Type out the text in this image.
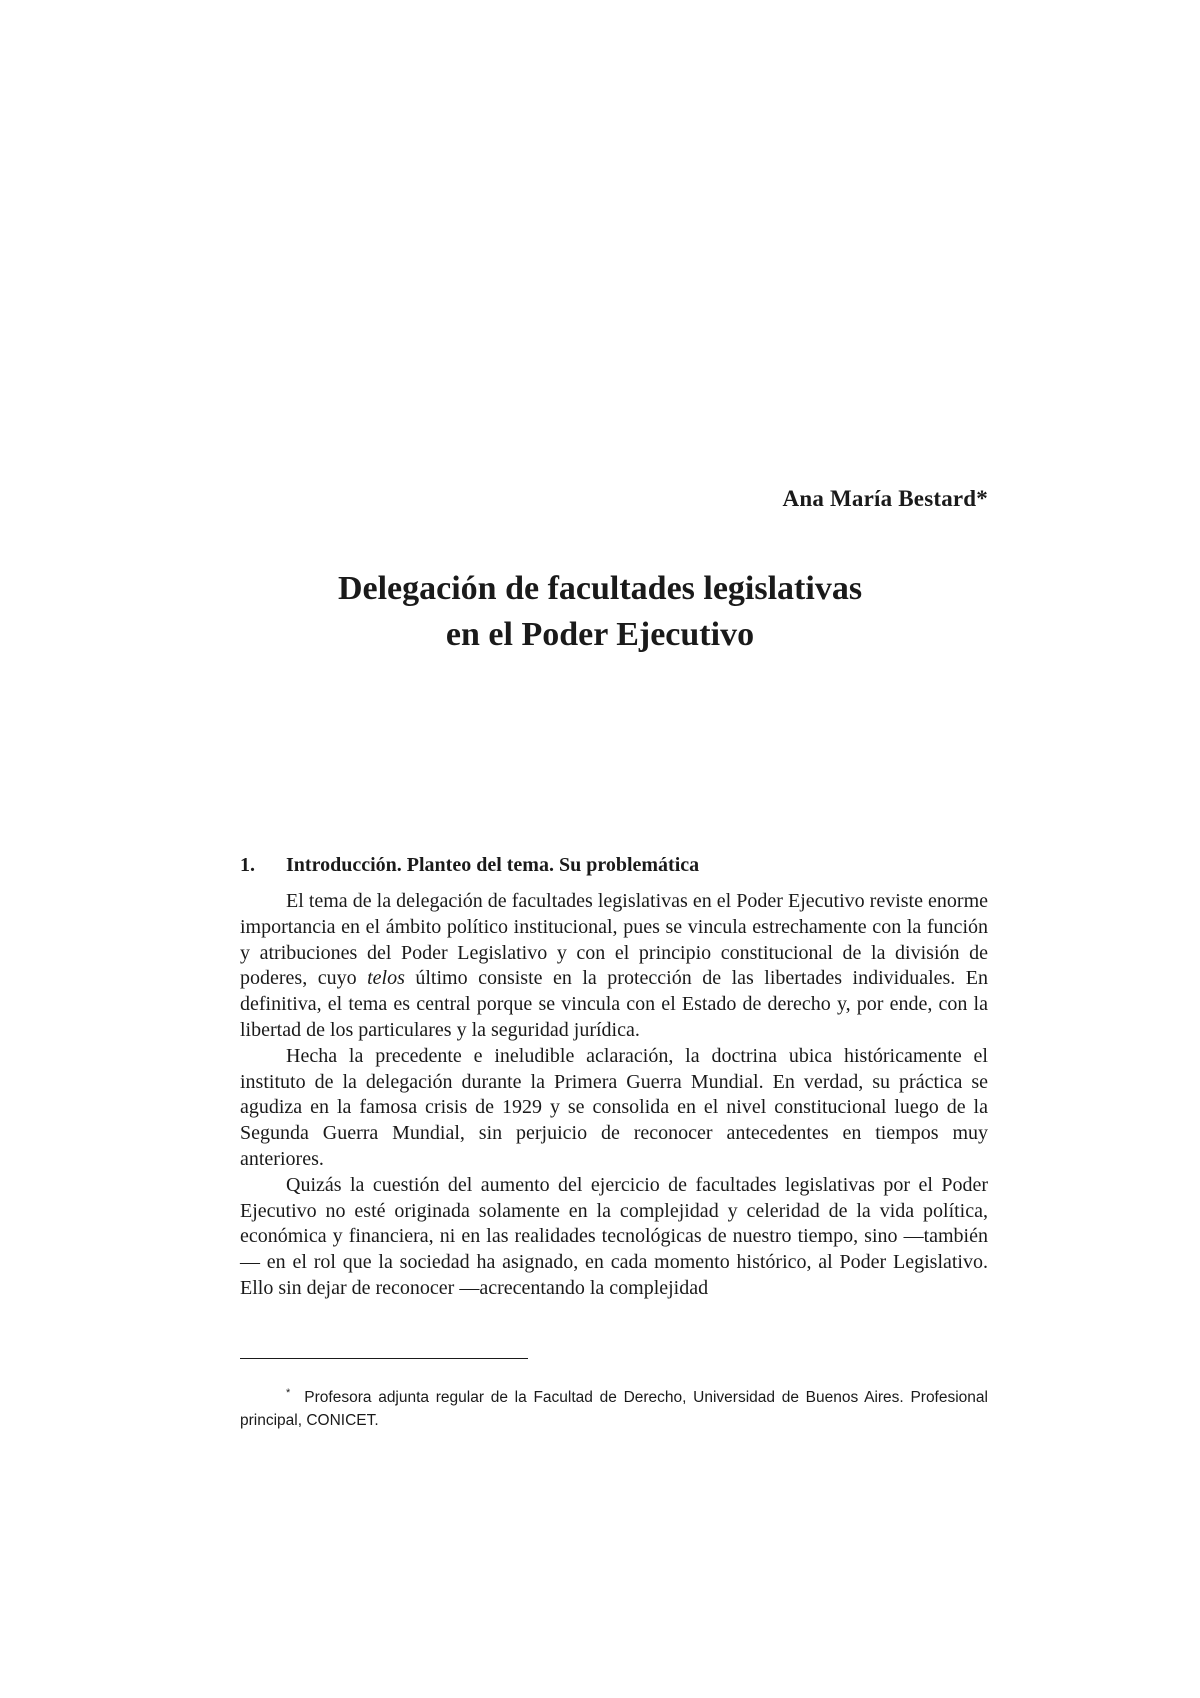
Ana María Bestard*
Delegación de facultades legislativas
en el Poder Ejecutivo
1. Introducción. Planteo del tema. Su problemática

El tema de la delegación de facultades legislativas en el Poder Ejecutivo reviste enorme importancia en el ámbito político institucional, pues se vincula estrechamente con la función y atribuciones del Poder Legislativo y con el principio constitucional de la división de poderes, cuyo telos último consiste en la protección de las libertades individuales. En definitiva, el tema es central porque se vincula con el Estado de derecho y, por ende, con la libertad de los particulares y la seguridad jurídica.

Hecha la precedente e ineludible aclaración, la doctrina ubica históricamente el instituto de la delegación durante la Primera Guerra Mundial. En verdad, su práctica se agudiza en la famosa crisis de 1929 y se consolida en el nivel constitucional luego de la Segunda Guerra Mundial, sin perjuicio de reconocer antecedentes en tiempos muy anteriores.

Quizás la cuestión del aumento del ejercicio de facultades legislativas por el Poder Ejecutivo no esté originada solamente en la complejidad y celeridad de la vida política, económica y financiera, ni en las realidades tecnológicas de nuestro tiempo, sino —también— en el rol que la sociedad ha asignado, en cada momento histórico, al Poder Legislativo. Ello sin dejar de reconocer —acrecentando la complejidad

* Profesora adjunta regular de la Facultad de Derecho, Universidad de Buenos Aires. Profesional principal, CONICET.
